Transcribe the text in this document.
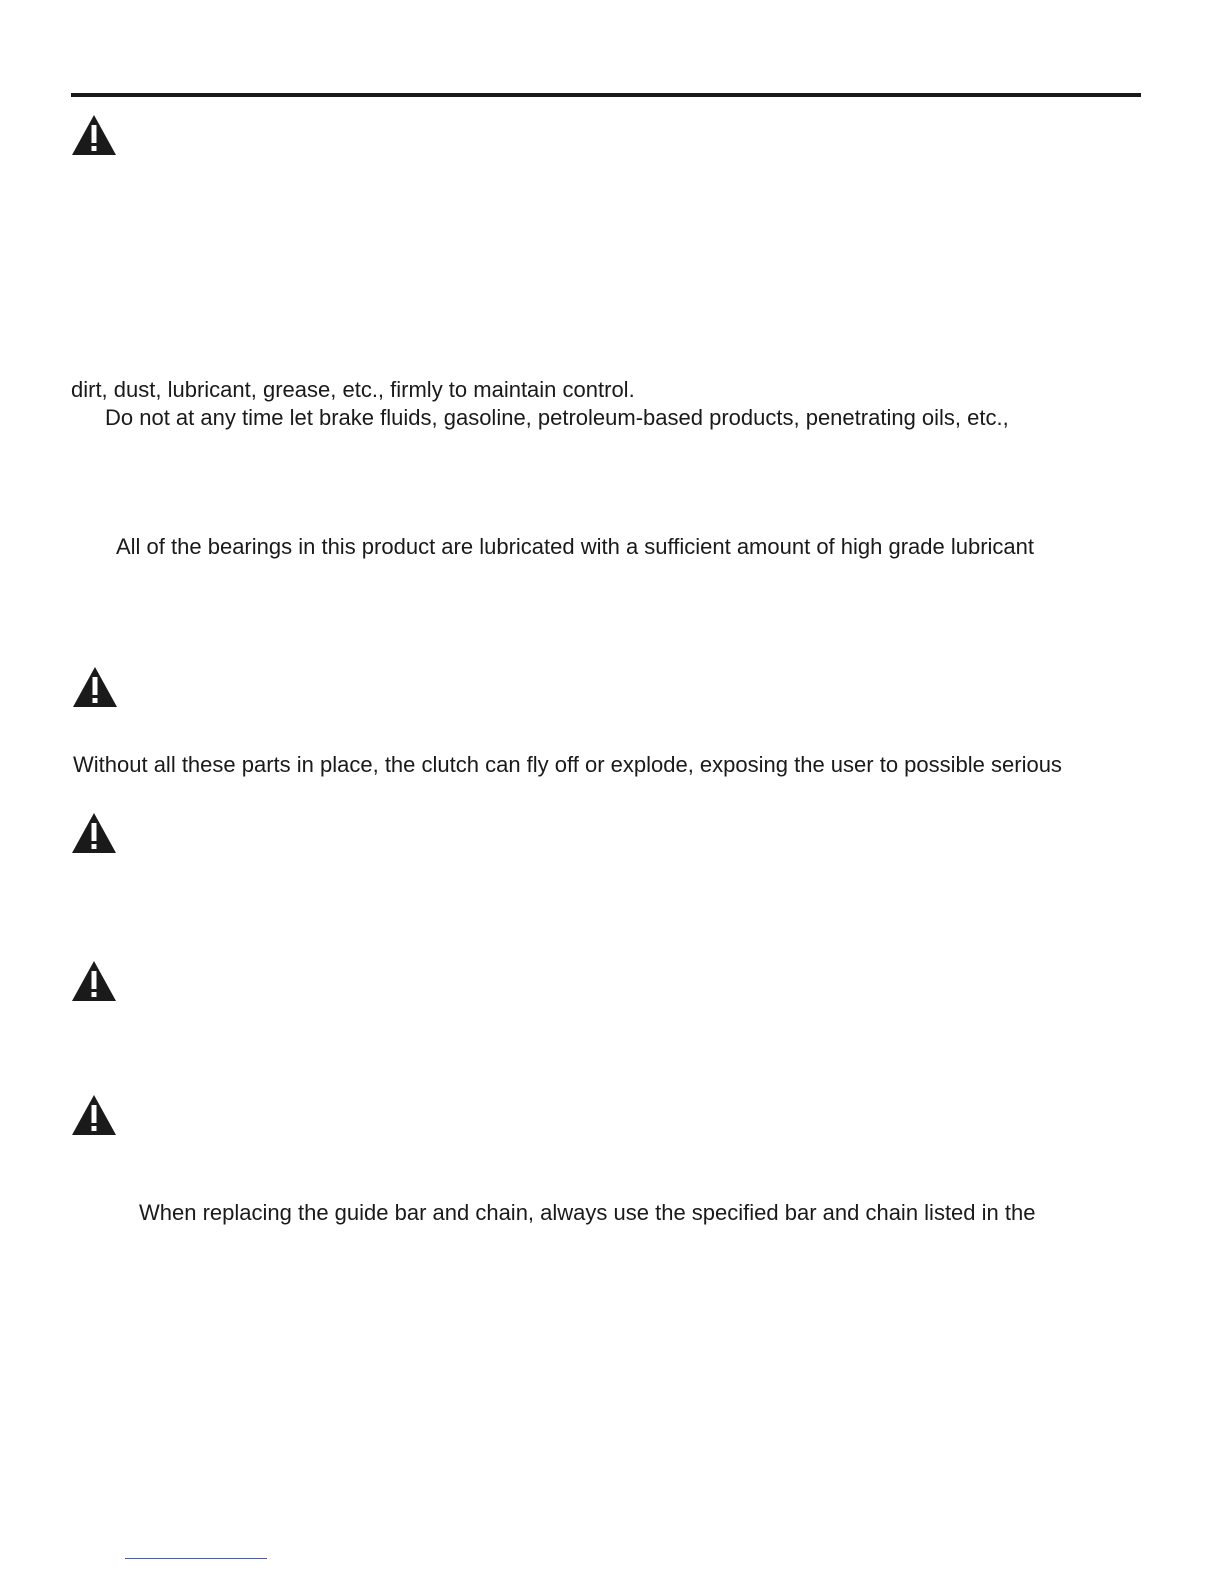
dirt, dust, lubricant, grease, etc., firmly to maintain control.
Do not at any time let brake fluids, gasoline, petroleum-based products, penetrating oils, etc.,
All of the bearings in this product are lubricated with a sufficient amount of high grade lubricant
Without all these parts in place, the clutch can fly off or explode, exposing the user to possible serious
When replacing the guide bar and chain, always use the specified bar and chain listed in the
